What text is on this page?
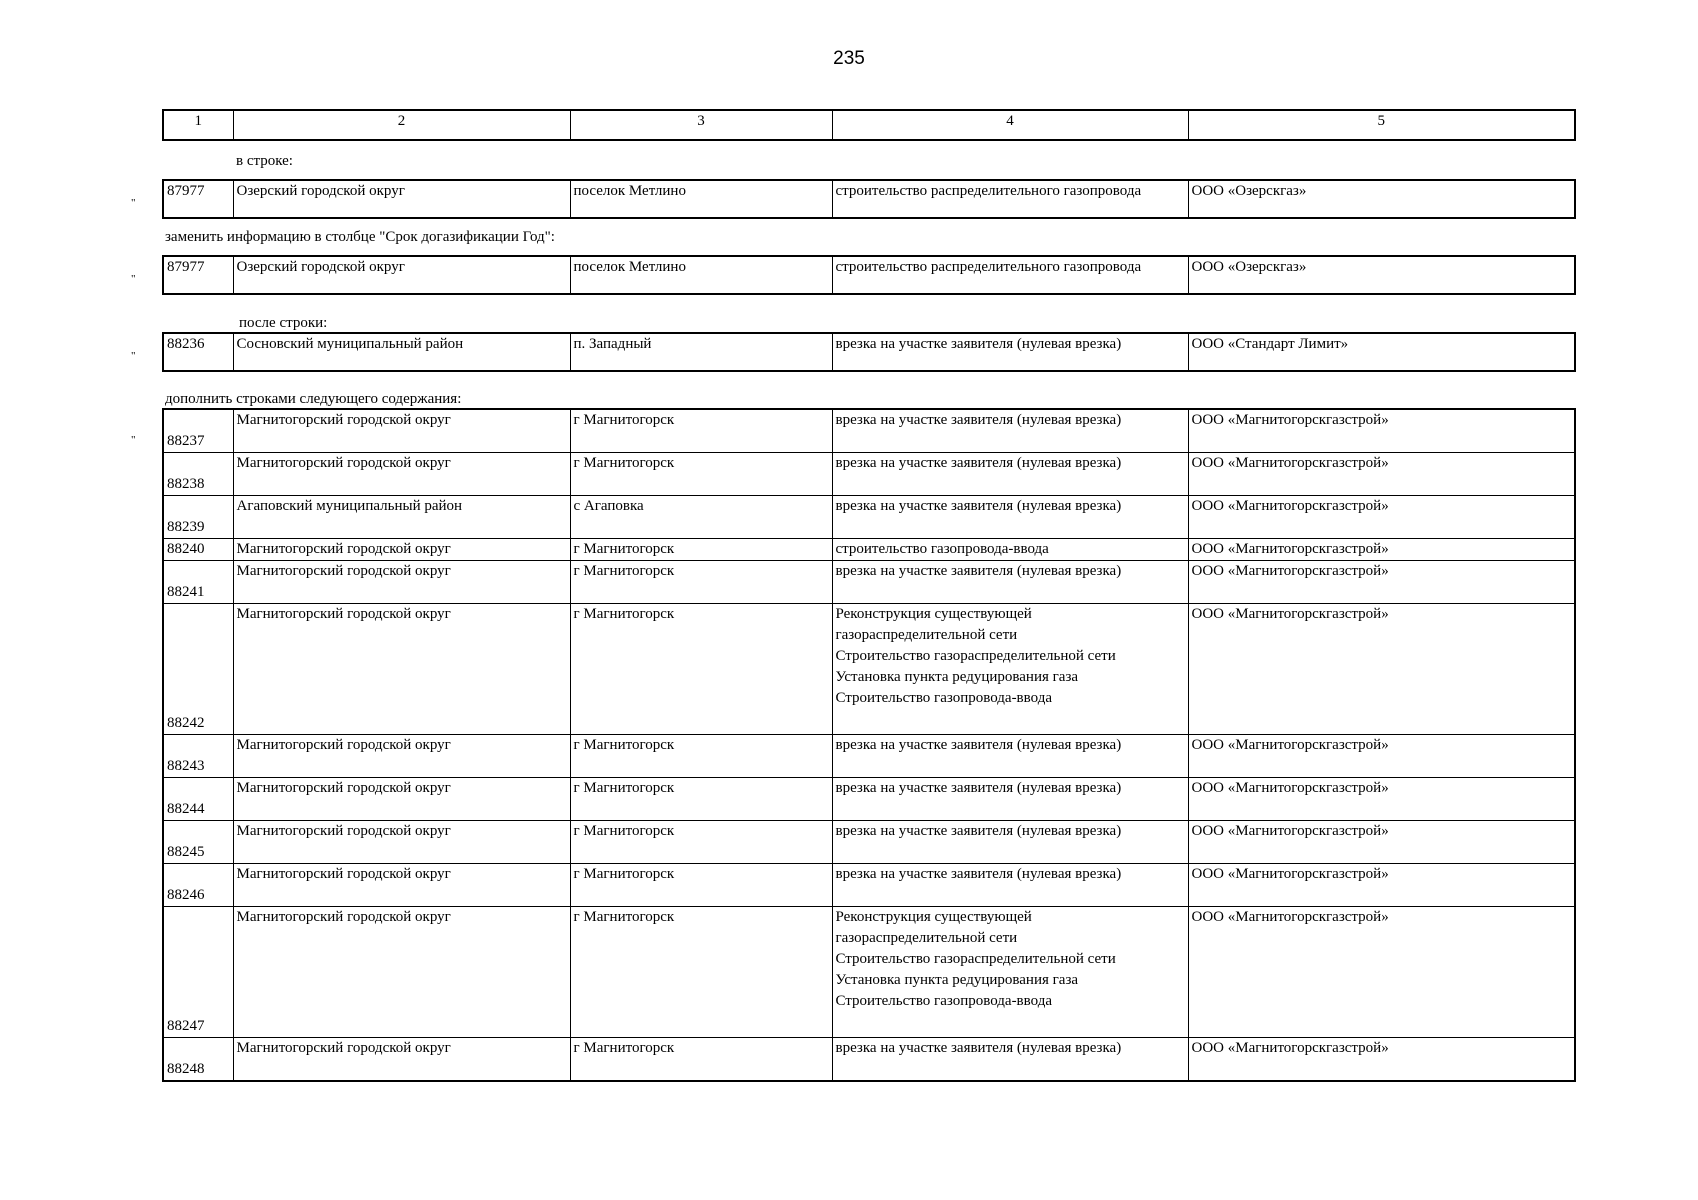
235
1	2	3	4	5
в строке:
"
87977	Озерский городской округ	поселок Метлино	строительство распределительного газопровода	ООО «Озерскгаз»
заменить информацию в столбце "Срок догазификации Год":
"
87977	Озерский городской округ	поселок Метлино	строительство распределительного газопровода	ООО «Озерскгаз»
после строки:
"
88236	Сосновский муниципальный район	п. Западный	врезка на участке заявителя (нулевая врезка)	ООО «Стандарт Лимит»
дополнить строками следующего содержания:
" 88237	Магнитогорский городской округ	г Магнитогорск	врезка на участке заявителя (нулевая врезка)	ООО «Магнитогорскгазстрой»
88238	Магнитогорский городской округ	г Магнитогорск	врезка на участке заявителя (нулевая врезка)	ООО «Магнитогорскгазстрой»
88239	Агаповский муниципальный район	с Агаповка	врезка на участке заявителя (нулевая врезка)	ООО «Магнитогорскгазстрой»
88240	Магнитогорский городской округ	г Магнитогорск	строительство газопровода-ввода	ООО «Магнитогорскгазстрой»
88241	Магнитогорский городской округ	г Магнитогорск	врезка на участке заявителя (нулевая врезка)	ООО «Магнитогорскгазстрой»
88242	Магнитогорский городской округ	г Магнитогорск	Реконструкция существующей
газораспределительной сети
Строительство газораспределительной сети
Установка пункта редуцирования газа
Строительство газопровода-ввода	ООО «Магнитогорскгазстрой»
88243	Магнитогорский городской округ	г Магнитогорск	врезка на участке заявителя (нулевая врезка)	ООО «Магнитогорскгазстрой»
88244	Магнитогорский городской округ	г Магнитогорск	врезка на участке заявителя (нулевая врезка)	ООО «Магнитогорскгазстрой»
88245	Магнитогорский городской округ	г Магнитогорск	врезка на участке заявителя (нулевая врезка)	ООО «Магнитогорскгазстрой»
88246	Магнитогорский городской округ	г Магнитогорск	врезка на участке заявителя (нулевая врезка)	ООО «Магнитогорскгазстрой»
88247	Магнитогорский городской округ	г Магнитогорск	Реконструкция существующей
газораспределительной сети
Строительство газораспределительной сети
Установка пункта редуцирования газа
Строительство газопровода-ввода	ООО «Магнитогорскгазстрой»
88248	Магнитогорский городской округ	г Магнитогорск	врезка на участке заявителя (нулевая врезка)	ООО «Магнитогорскгазстрой»
